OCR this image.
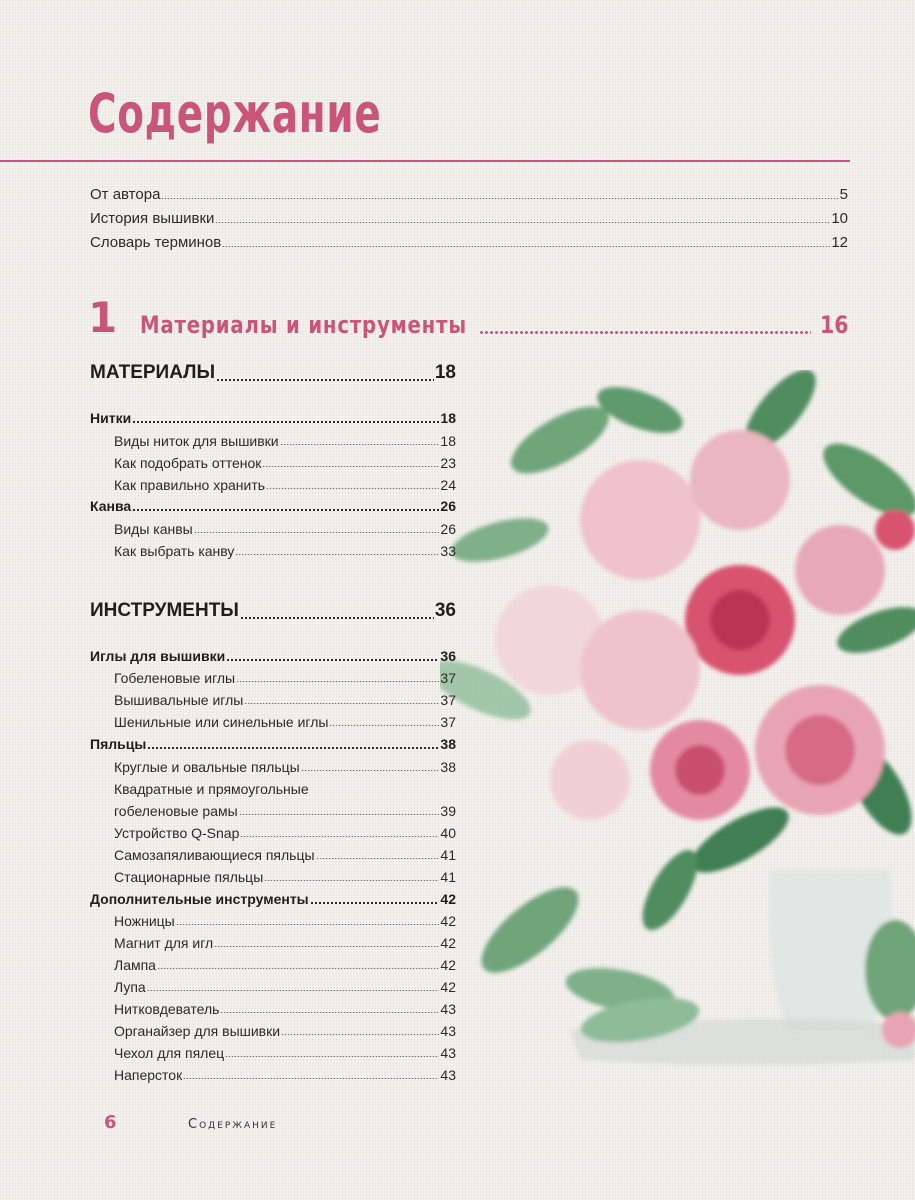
Содержание
От автора	5
История вышивки	10
Словарь терминов	12
1 Материалы и инструменты	16
МАТЕРИАЛЫ	18
Нитки	18
Виды ниток для вышивки	18
Как подобрать оттенок	23
Как правильно хранить	24
Канва	26
Виды канвы	26
Как выбрать канву	33
ИНСТРУМЕНТЫ	36
Иглы для вышивки	36
Гобеленовые иглы	37
Вышивальные иглы	37
Шенильные или синельные иглы	37
Пяльцы	38
Круглые и овальные пяльцы	38
Квадратные и прямоугольные
гобеленовые рамы	39
Устройство Q-Snap	40
Самозапяливающиеся пяльцы	41
Стационарные пяльцы	41
Дополнительные инструменты	42
Ножницы	42
Магнит для игл	42
Лампа	42
Лупа	42
Нитковдеватель	43
Органайзер для вышивки	43
Чехол для пялец	43
Наперсток	43
6	Содержание
